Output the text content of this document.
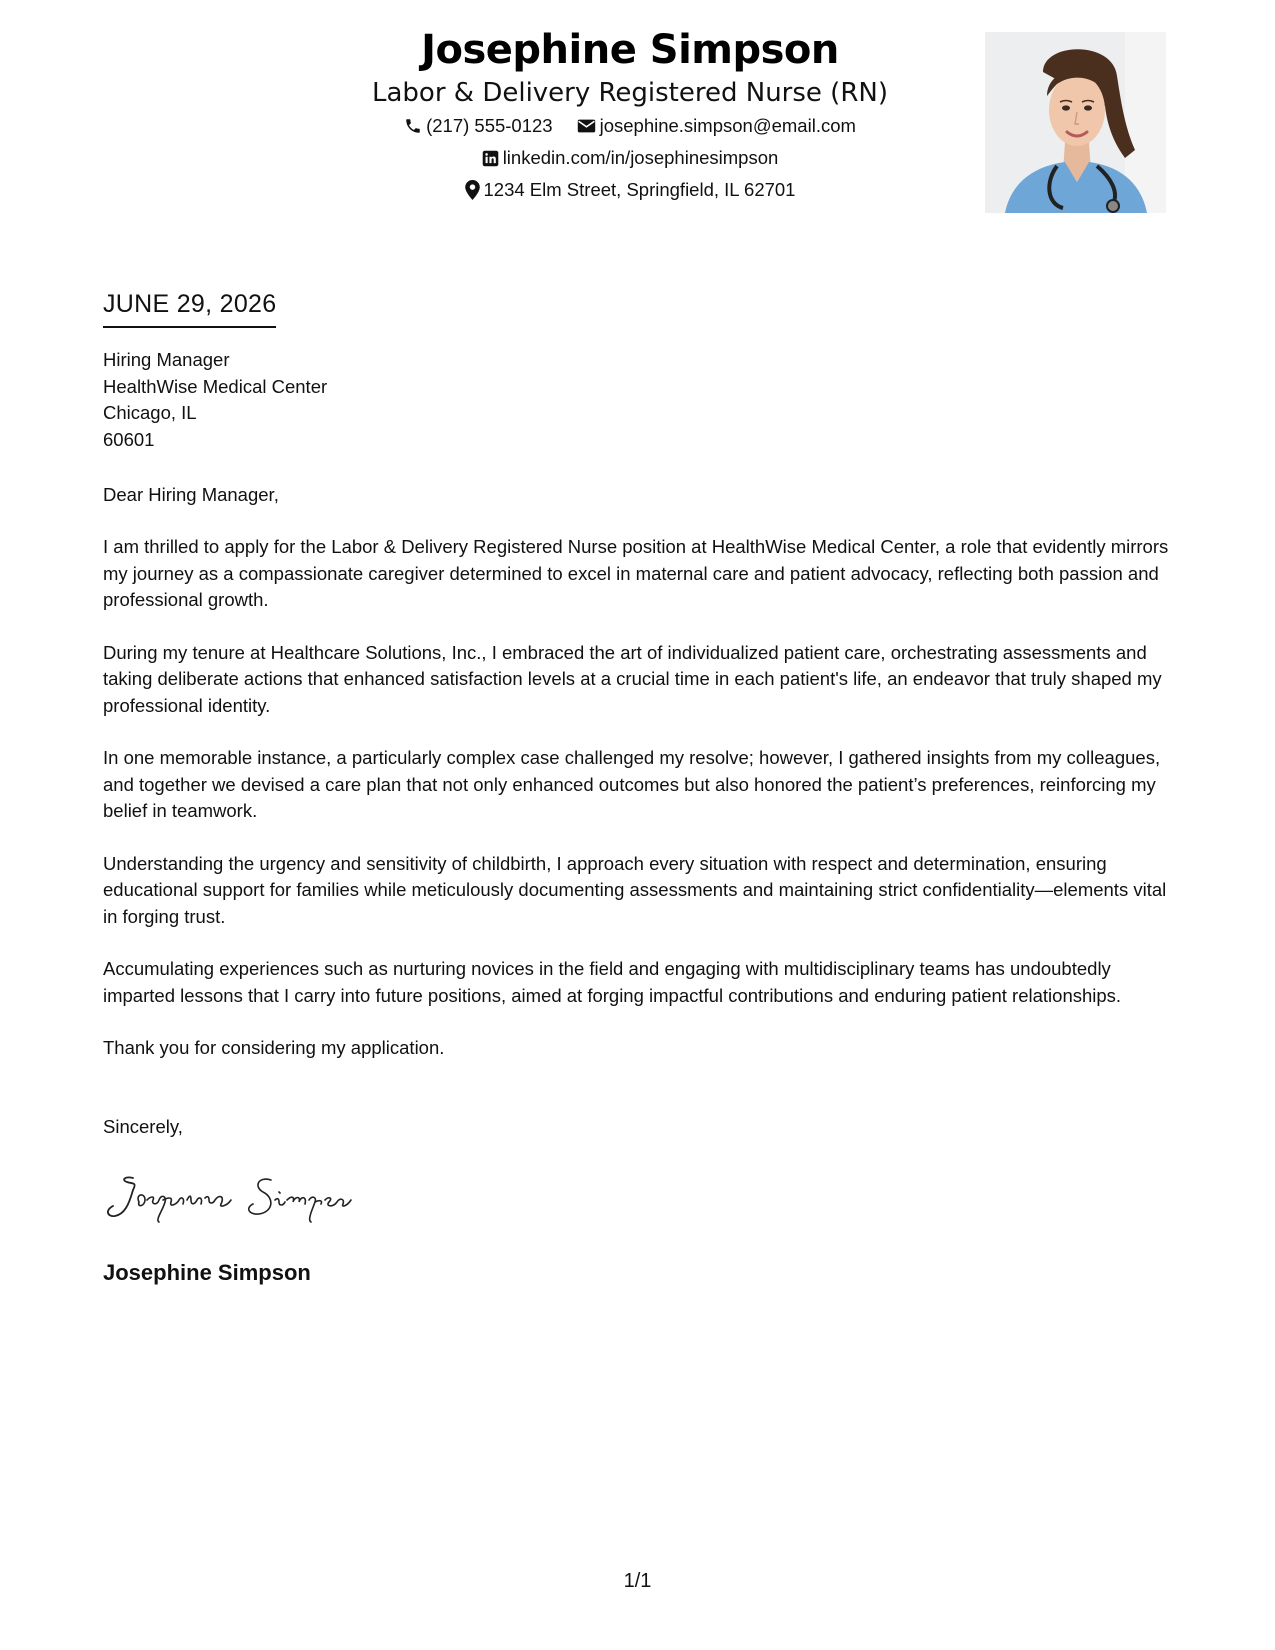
Josephine Simpson
Labor & Delivery Registered Nurse (RN)
(217) 555-0123	josephine.simpson@email.com
linkedin.com/in/josephinesimpson
1234 Elm Street, Springfield, IL 62701
JUNE 29, 2026
Hiring Manager
HealthWise Medical Center
Chicago, IL
60601
Dear Hiring Manager,

I am thrilled to apply for the Labor & Delivery Registered Nurse position at HealthWise Medical Center, a role that evidently mirrors my journey as a compassionate caregiver determined to excel in maternal care and patient advocacy, reflecting both passion and professional growth.

During my tenure at Healthcare Solutions, Inc., I embraced the art of individualized patient care, orchestrating assessments and taking deliberate actions that enhanced satisfaction levels at a crucial time in each patient's life, an endeavor that truly shaped my professional identity.

In one memorable instance, a particularly complex case challenged my resolve; however, I gathered insights from my colleagues, and together we devised a care plan that not only enhanced outcomes but also honored the patient’s preferences, reinforcing my belief in teamwork.

Understanding the urgency and sensitivity of childbirth, I approach every situation with respect and determination, ensuring educational support for families while meticulously documenting assessments and maintaining strict confidentiality—elements vital in forging trust.

Accumulating experiences such as nurturing novices in the field and engaging with multidisciplinary teams has undoubtedly imparted lessons that I carry into future positions, aimed at forging impactful contributions and enduring patient relationships.

Thank you for considering my application.

Sincerely,
Josephine Simpson
1/1
